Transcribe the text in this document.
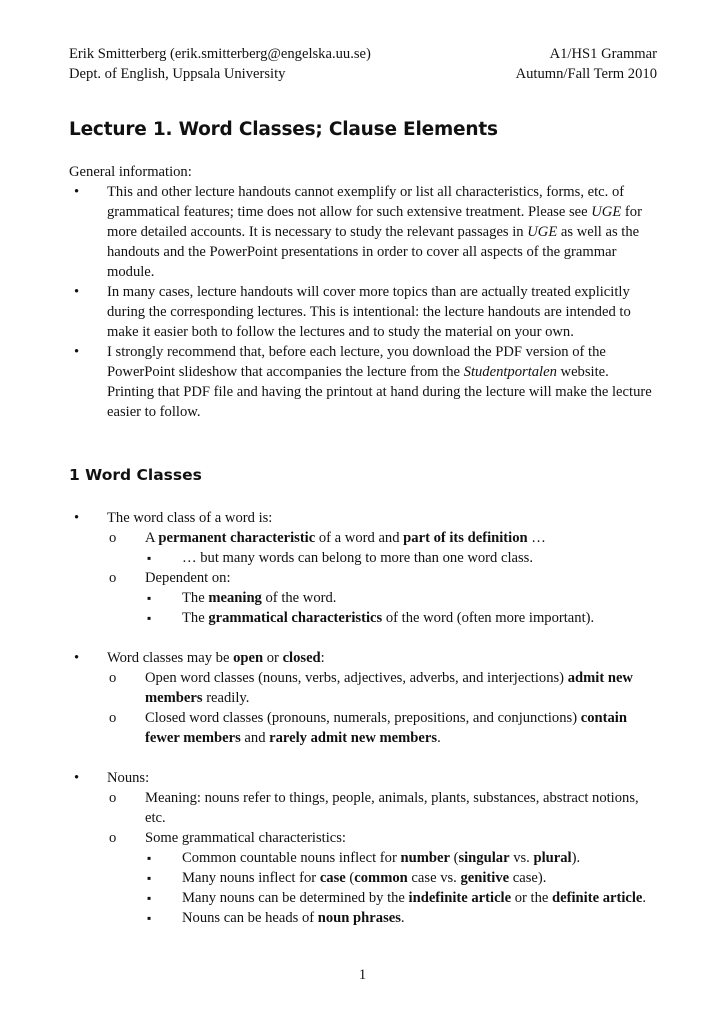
Erik Smitterberg (erik.smitterberg@engelska.uu.se)	A1/HS1 Grammar
Dept. of English, Uppsala University	Autumn/Fall Term 2010
Lecture 1. Word Classes; Clause Elements
General information:
• This and other lecture handouts cannot exemplify or list all characteristics, forms, etc. of grammatical features; time does not allow for such extensive treatment. Please see UGE for more detailed accounts. It is necessary to study the relevant passages in UGE as well as the handouts and the PowerPoint presentations in order to cover all aspects of the grammar module.
• In many cases, lecture handouts will cover more topics than are actually treated explicitly during the corresponding lectures. This is intentional: the lecture handouts are intended to make it easier both to follow the lectures and to study the material on your own.
• I strongly recommend that, before each lecture, you download the PDF version of the PowerPoint slideshow that accompanies the lecture from the Studentportalen website. Printing that PDF file and having the printout at hand during the lecture will make the lecture easier to follow.
1 Word Classes
• The word class of a word is:
o A permanent characteristic of a word and part of its definition …
▪ … but many words can belong to more than one word class.
o Dependent on:
▪ The meaning of the word.
▪ The grammatical characteristics of the word (often more important).
• Word classes may be open or closed:
o Open word classes (nouns, verbs, adjectives, adverbs, and interjections) admit new members readily.
o Closed word classes (pronouns, numerals, prepositions, and conjunctions) contain fewer members and rarely admit new members.
• Nouns:
o Meaning: nouns refer to things, people, animals, plants, substances, abstract notions, etc.
o Some grammatical characteristics:
▪ Common countable nouns inflect for number (singular vs. plural).
▪ Many nouns inflect for case (common case vs. genitive case).
▪ Many nouns can be determined by the indefinite article or the definite article.
▪ Nouns can be heads of noun phrases.
1
